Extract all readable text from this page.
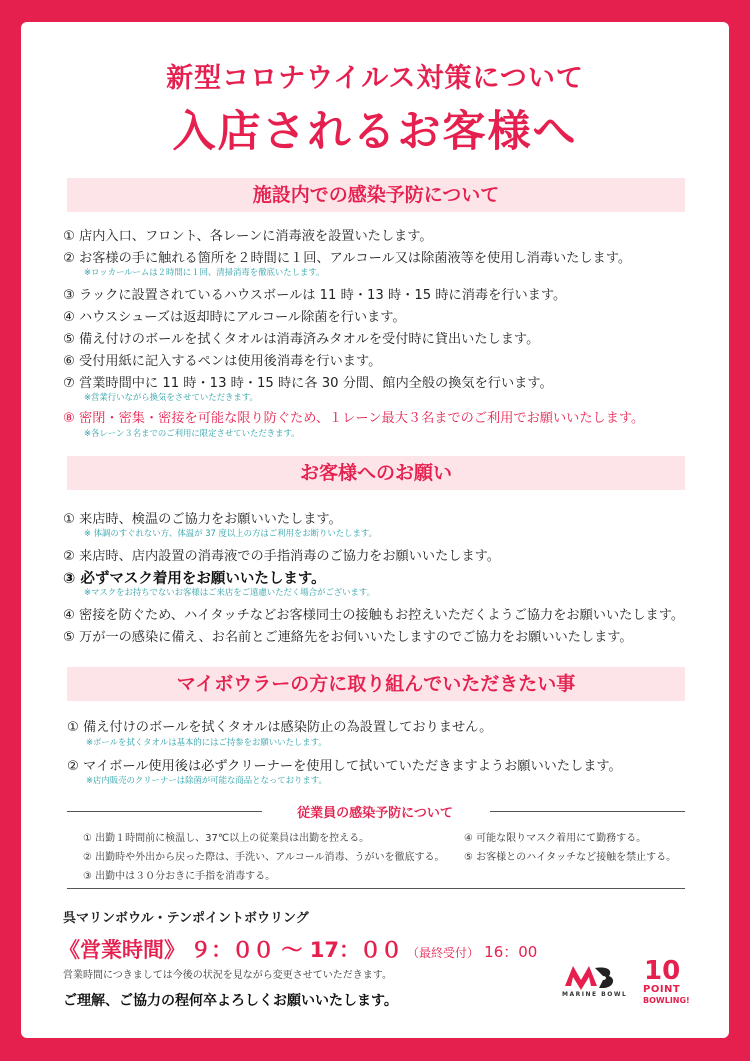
新型コロナウイルス対策について
入店されるお客様へ
施設内での感染予防について
① 店内入口、フロント、各レーンに消毒液を設置いたします。
② お客様の手に触れる箇所を２時間に１回、アルコール又は除菌液等を使用し消毒いたします。
※ロッカールームは２時間に１回、清掃消毒を徹底いたします。
③ ラックに設置されているハウスボールは 11 時・13 時・15 時に消毒を行います。
④ ハウスシューズは返却時にアルコール除菌を行います。
⑤ 備え付けのボールを拭くタオルは消毒済みタオルを受付時に貸出いたします。
⑥ 受付用紙に記入するペンは使用後消毒を行います。
⑦ 営業時間中に 11 時・13 時・15 時に各 30 分間、館内全般の換気を行います。
※営業行いながら換気をさせていただきます。
⑧ 密閉・密集・密接を可能な限り防ぐため、１レーン最大３名までのご利用でお願いいたします。
※各レーン３名までのご利用に限定させていただきます。
お客様へのお願い
① 来店時、検温のご協力をお願いいたします。
※ 体調のすぐれない方、体温が 37 度以上の方はご利用をお断りいたします。
② 来店時、店内設置の消毒液での手指消毒のご協力をお願いいたします。
③ 必ずマスク着用をお願いいたします。
※マスクをお持ちでないお客様はご来店をご遠慮いただく場合がございます。
④ 密接を防ぐため、ハイタッチなどお客様同士の接触もお控えいただくようご協力をお願いいたします。
⑤ 万が一の感染に備え、お名前とご連絡先をお伺いいたしますのでご協力をお願いいたします。
マイボウラーの方に取り組んでいただきたい事
① 備え付けのボールを拭くタオルは感染防止の為設置しておりません。
※ボールを拭くタオルは基本的にはご持参をお願いいたします。
② マイボール使用後は必ずクリーナーを使用して拭いていただきますようお願いいたします。
※店内販売のクリーナーは除菌が可能な商品となっております。
従業員の感染予防について
① 出勤１時間前に検温し、37℃以上の従業員は出勤を控える。
② 出勤時や外出から戻った際は、手洗い、アルコール消毒、うがいを徹底する。
③ 出勤中は３０分おきに手指を消毒する。
④ 可能な限りマスク着用にて勤務する。
⑤ お客様とのハイタッチなど接触を禁止する。
呉マリンボウル・テンポイントボウリング
《営業時間》 ９：００ ～ 17：００ （最終受付） 16：00
営業時間につきましては今後の状況を見ながら変更させていただきます。
ご理解、ご協力の程何卒よろしくお願いいたします。	MARINE BOWL
10
POINT
BOWLING!
